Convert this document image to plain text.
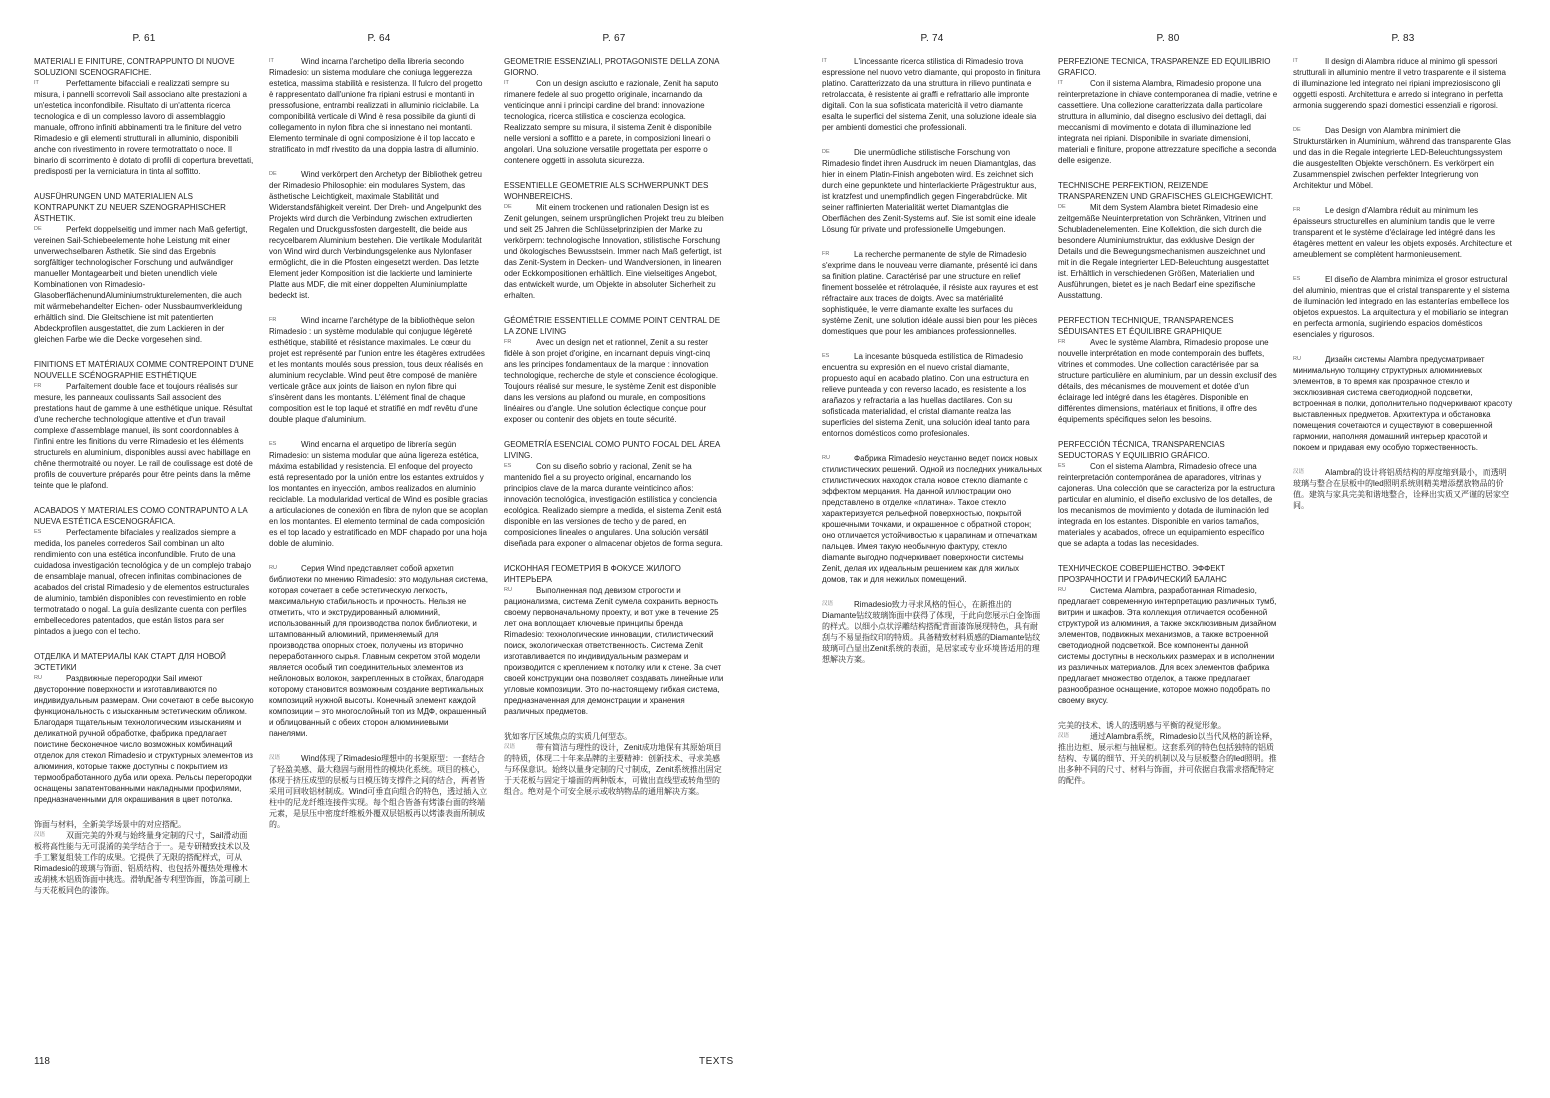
P. 61	P. 64	P. 67	P. 74	P. 80	P. 83
MATERIALI E FINITURE, CONTRAPPUNTO DI NUOVE SOLUZIONI SCENOGRAFICHE.
IT	Perfettamente bifacciali e realizzati sempre su misura, i pannelli scorrevoli Sail associano alte prestazioni a un'estetica inconfondibile. Risultato di un'attenta ricerca tecnologica e di un complesso lavoro di assemblaggio manuale, offrono infiniti abbinamenti tra le finiture del vetro Rimadesio e gli elementi strutturali in alluminio, disponibili anche con rivestimento in rovere termotrattato o noce. Il binario di scorrimento è dotato di profili di copertura brevettati, predisposti per la verniciatura in tinta al soffitto.
AUSFÜHRUNGEN UND MATERIALIEN ALS KONTRAPUNKT ZU NEUER SZENOGRAPHISCHER ÄSTHETIK.
DE	Perfekt doppelseitig und immer nach Maß gefertigt, vereinen Sail-Schiebeelemente hohe Leistung mit einer unverwechselbaren Ästhetik. Sie sind das Ergebnis sorgfältiger technologischer Forschung und aufwändiger manueller Montagearbeit und bieten unendlich viele Kombinationen von Rimadesio-GlasoberflächenundAluminiumstrukturelementen, die auch mit wärmebehandelter Eichen- oder Nussbaumverkleidung erhältlich sind. Die Gleitschiene ist mit patentierten Abdeckprofilen ausgestattet, die zum Lackieren in der gleichen Farbe wie die Decke vorgesehen sind.
FINITIONS ET MATÉRIAUX COMME CONTREPOINT D'UNE NOUVELLE SCÉNOGRAPHIE ESTHÉTIQUE
FR	Parfaitement double face et toujours réalisés sur mesure, les panneaux coulissants Sail associent des prestations haut de gamme à une esthétique unique. Résultat d'une recherche technologique attentive et d'un travail complexe d'assemblage manuel, ils sont coordonnables à l'infini entre les finitions du verre Rimadesio et les éléments structurels en aluminium, disponibles aussi avec habillage en chêne thermotraité ou noyer. Le rail de coulissage est doté de profils de couverture préparés pour être peints dans la même teinte que le plafond.
ACABADOS Y MATERIALES COMO CONTRAPUNTO A LA NUEVA ESTÉTICA ESCENOGRÁFICA.
ES	Perfectamente bifaciales y realizados siempre a medida, los paneles correderos Sail combinan un alto rendimiento con una estética inconfundible. Fruto de una cuidadosa investigación tecnológica y de un complejo trabajo de ensamblaje manual, ofrecen infinitas combinaciones de acabados del cristal Rimadesio y de elementos estructurales de aluminio, también disponibles con revestimiento en roble termotratado o nogal. La guía deslizante cuenta con perfiles embellecedores patentados, que están listos para ser pintados a juego con el techo.
ОТДЕЛКА И МАТЕРИАЛЫ КАК СТАРТ ДЛЯ НОВОЙ ЭСТЕТИКИ
RU	Раздвижные перегородки Sail имеют двусторонние поверхности и изготавливаются по индивидуальным размерам. Они сочетают в себе высокую функциональность с изысканным эстетическим обликом. Благодаря тщательным технологическим изысканиям и деликатной ручной обработке, фабрика предлагает поистине бесконечное число возможных комбинаций отделок для стекол Rimadesio и структурных элементов из алюминия, которые также доступны с покрытием из термообработанного дуба или ореха. Рельсы перегородки оснащены запатентованными накладными профилями, предназначенными для окрашивания в цвет потолка.
饰面与材料，全新美学场景中的对应搭配。
汉语	双面完美的外观与始终量身定制的尺寸，Sail滑动面板将高性能与无可混淆的美学结合于一。是专研精致技术以及手工繁复组装工作的成果。它提供了无限的搭配样式，可从Rimadesio的玻璃与饰面、铝质结构、也包括外覆热处理橡木或胡桃木铝质饰面中挑选。滑轨配备专利型饰面，饰盖可刷上与天花板同色的漆饰。
IT	Wind incarna l'archetipo della libreria secondo Rimadesio: un sistema modulare che coniuga leggerezza estetica, massima stabilità e resistenza. Il fulcro del progetto è rappresentato dall'unione fra ripiani estrusi e montanti in pressofusione, entrambi realizzati in alluminio riciclabile. La componibilità verticale di Wind è resa possibile da giunti di collegamento in nylon fibra che si innestano nei montanti. Elemento terminale di ogni composizione è il top laccato e stratificato in mdf rivestito da una doppia lastra di alluminio.
DE	Wind verkörpert den Archetyp der Bibliothek getreu der Rimadesio Philosophie: ein modulares System, das ästhetische Leichtigkeit, maximale Stabilität und Widerstandsfähigkeit vereint. Der Dreh- und Angelpunkt des Projekts wird durch die Verbindung zwischen extrudierten Regalen und Druckgussfosten dargestellt, die beide aus recycelbarem Aluminium bestehen. Die vertikale Modularität von Wind wird durch Verbindungsgelenke aus Nylonfaser ermöglicht, die in die Pfosten eingesetzt werden. Das letzte Element jeder Komposition ist die lackierte und laminierte Platte aus MDF, die mit einer doppelten Aluminiumplatte bedeckt ist.
FR	Wind incarne l'archétype de la bibliothèque selon Rimadesio : un système modulable qui conjugue légèreté esthétique, stabilité et résistance maximales. Le cœur du projet est représenté par l'union entre les étagères extrudées et les montants moulés sous pression, tous deux réalisés en aluminium recyclable. Wind peut être composé de manière verticale grâce aux joints de liaison en nylon fibre qui s'insèrent dans les montants. L'élément final de chaque composition est le top laqué et stratifié en mdf revêtu d'une double plaque d'aluminium.
ES	Wind encarna el arquetipo de librería según Rimadesio: un sistema modular que aúna ligereza estética, máxima estabilidad y resistencia. El enfoque del proyecto está representado por la unión entre los estantes extruidos y los montantes en inyección, ambos realizados en aluminio reciclable. La modularidad vertical de Wind es posible gracias a articulaciones de conexión en fibra de nylon que se acoplan en los montantes. El elemento terminal de cada composición es el top lacado y estratificado en MDF chapado por una hoja doble de aluminio.
RU	Серия Wind представляет собой архетип библиотеки по мнению Rimadesio: это модульная система, которая сочетает в себе эстетическую легкость, максимальную стабильность и прочность. Нельзя не отметить, что и экструдированный алюминий, использованный для производства полок библиотеки, и штампованный алюминий, применяемый для производства опорных стоек, получены из вторично переработанного сырья. Главным секретом этой модели является особый тип соединительных элементов из нейлоновых волокон, закрепленных в стойках, благодаря которому становится возможным создание вертикальных композиций нужной высоты. Конечный элемент каждой композиции – это многослойный топ из МДФ, окрашенный и облицованный с обеих сторон алюминиевыми панелями.
汉语	Wind体现了Rimadesio理想中的书架原型：一套结合了轻盈美感、最大稳固与耐用性的模块化系统。项目的核心，体现于挤压成型的层板与日模压铸支撑件之间的结合，两者皆采用可回收铝材制成。Wind可垂直向组合的特色，透过插入立柱中的尼龙纤维连接件实现。每个组合皆备有烤漆台面的终端元素，是层压中密度纤维板外覆双层铝板再以烤漆表面所制成的。
GEOMETRIE ESSENZIALI, PROTAGONISTE DELLA ZONA GIORNO.
IT	Con un design asciutto e razionale, Zenit ha saputo rimanere fedele al suo progetto originale, incarnando da venticinque anni i principi cardine del brand: innovazione tecnologica, ricerca stilistica e coscienza ecologica. Realizzato sempre su misura, il sistema Zenit è disponibile nelle versioni a soffitto e a parete, in composizioni lineari o angolari. Una soluzione versatile progettata per esporre o contenere oggetti in assoluta sicurezza.
ESSENTIELLE GEOMETRIE ALS SCHWERPUNKT DES WOHNBEREICHS.
DE	Mit einem trockenen und rationalen Design ist es Zenit gelungen, seinem ursprünglichen Projekt treu zu bleiben und seit 25 Jahren die Schlüsselprinzipien der Marke zu verkörpern: technologische Innovation, stilistische Forschung und ökologisches Bewusstsein. Immer nach Maß gefertigt, ist das Zenit-System in Decken- und Wandversionen, in linearen oder Eckkompositionen erhältlich. Eine vielseitiges Angebot, das entwickelt wurde, um Objekte in absoluter Sicherheit zu erhalten.
GÉOMÉTRIE ESSENTIELLE COMME POINT CENTRAL DE LA ZONE LIVING
FR	Avec un design net et rationnel, Zenit a su rester fidèle à son projet d'origine, en incarnant depuis vingt-cinq ans les principes fondamentaux de la marque : innovation technologique, recherche de style et conscience écologique. Toujours réalisé sur mesure, le système Zenit est disponible dans les versions au plafond ou murale, en compositions linéaires ou d'angle. Une solution éclectique conçue pour exposer ou contenir des objets en toute sécurité.
GEOMETRÍA ESENCIAL COMO PUNTO FOCAL DEL ÁREA LIVING.
ES	Con su diseño sobrio y racional, Zenit se ha mantenido fiel a su proyecto original, encarnando los principios clave de la marca durante veinticinco años: innovación tecnológica, investigación estilística y conciencia ecológica. Realizado siempre a medida, el sistema Zenit está disponible en las versiones de techo y de pared, en composiciones lineales o angulares. Una solución versátil diseñada para exponer o almacenar objetos de forma segura.
ИСКОННАЯ ГЕОМЕТРИЯ В ФОКУСЕ ЖИЛОГО ИНТЕРЬЕРА
RU	Выполненная под девизом строгости и рационализма, система Zenit сумела сохранить верность своему первоначальному проекту, и вот уже в течение 25 лет она воплощает ключевые принципы бренда Rimadesio: технологические инновации, стилистический поиск, экологическая ответственность. Система Zenit изготавливается по индивидуальным размерам и производится с креплением к потолку или к стене. За счет своей конструкции она позволяет создавать линейные или угловые композиции. Это по-настоящему гибкая система, предназначенная для демонстрации и хранения различных предметов.
犹如客厅区域焦点的实质几何型态。
汉语	带有简洁与理性的设计，Zenit成功地保有其原始项目的特质，体现二十年来品牌的主要精神：创新技术、寻求美感与环保意识。始终以量身定制的尺寸制成，Zenit系统推出固定于天花板与固定于墙面的两种版本，可做出直线型或转角型的组合。绝对是个可安全展示或收纳物品的通用解决方案。
IT	L'incessante ricerca stilistica di Rimadesio trova espressione nel nuovo vetro diamante, qui proposto in finitura platino. Caratterizzato da una struttura in rilievo puntinata e retrolaccata, è resistente ai graffi e refrattario alle impronte digitali. Con la sua sofisticata matericità il vetro diamante esalta le superfici del sistema Zenit, una soluzione ideale sia per ambienti domestici che professionali.
DE	Die unermüdliche stilistische Forschung von Rimadesio findet ihren Ausdruck im neuen Diamantglas, das hier in einem Platin-Finish angeboten wird. Es zeichnet sich durch eine gepunktete und hinterlackierte Prägestruktur aus, ist kratzfest und unempfindlich gegen Fingerabdrücke. Mit seiner raffinierten Materialität wertet Diamantglas die Oberflächen des Zenit-Systems auf. Sie ist somit eine ideale Lösung für private und professionelle Umgebungen.
FR	La recherche permanente de style de Rimadesio s'exprime dans le nouveau verre diamante, présenté ici dans sa finition platine. Caractérisé par une structure en relief finement bosselée et rétrolaquée, il résiste aux rayures et est réfractaire aux traces de doigts. Avec sa matérialité sophistiquée, le verre diamante exalte les surfaces du système Zenit, une solution idéale aussi bien pour les pièces domestiques que pour les ambiances professionnelles.
ES	La incesante búsqueda estilística de Rimadesio encuentra su expresión en el nuevo cristal diamante, propuesto aquí en acabado platino. Con una estructura en relieve punteada y con reverso lacado, es resistente a los arañazos y refractaria a las huellas dactilares. Con su sofisticada materialidad, el cristal diamante realza las superficies del sistema Zenit, una solución ideal tanto para entornos domésticos como profesionales.
RU	Фабрика Rimadesio неустанно ведет поиск новых стилистических решений. Одной из последних уникальных стилистических находок стала новое стекло diamante с эффектом мерцания. На данной иллюстрации оно представлено в отделке «платина». Такое стекло характеризуется рельефной поверхностью, покрытой крошечными точками, и окрашенное с обратной сторон; оно отличается устойчивостью к царапинам и отпечаткам пальцев. Имея такую необычную фактуру, стекло diamante выгодно подчеркивает поверхности системы Zenit, делая их идеальным решением как для жилых домов, так и для нежилых помещений.
汉语	Rimadesio致力寻求风格的恒心，在新推出的Diamante钻纹玻璃饰面中获得了体现，于此向您展示白金饰面的样式。以细小点状浮雕结构搭配背面漆饰展现特色，具有耐刮与不易显指纹印的特质。具备精致材料质感的Diamante钻纹玻璃可凸显出Zenit系统的表面，是居家或专业环境皆适用的理想解决方案。
PERFEZIONE TECNICA, TRASPARENZE ED EQUILIBRIO GRAFICO.
IT	Con il sistema Alambra, Rimadesio propone una reinterpretazione in chiave contemporanea di madie, vetrine e cassettiere. Una collezione caratterizzata dalla particolare struttura in alluminio, dal disegno esclusivo dei dettagli, dai meccanismi di movimento e dotata di illuminazione led integrata nei ripiani. Disponibile in svariate dimensioni, materiali e finiture, propone attrezzature specifiche a seconda delle esigenze.
TECHNISCHE PERFEKTION, REIZENDE TRANSPARENZEN UND GRAFISCHES GLEICHGEWICHT.
DE	Mit dem System Alambra bietet Rimadesio eine zeitgemäße Neuinterpretation von Schränken, Vitrinen und Schubladenelementen. Eine Kollektion, die sich durch die besondere Aluminiumstruktur, das exklusive Design der Details und die Bewegungsmechanismen auszeichnet und mit in die Regale integrierter LED-Beleuchtung ausgestattet ist. Erhältlich in verschiedenen Größen, Materialien und Ausführungen, bietet es je nach Bedarf eine spezifische Ausstattung.
PERFECTION TECHNIQUE, TRANSPARENCES SÉDUISANTES ET ÉQUILIBRE GRAPHIQUE
FR	Avec le système Alambra, Rimadesio propose une nouvelle interprétation en mode contemporain des buffets, vitrines et commodes. Une collection caractérisée par sa structure particulière en aluminium, par un dessin exclusif des détails, des mécanismes de mouvement et dotée d'un éclairage led intégré dans les étagères. Disponible en différentes dimensions, matériaux et finitions, il offre des équipements spécifiques selon les besoins.
PERFECCIÓN TÉCNICA, TRANSPARENCIAS SEDUCTORAS Y EQUILIBRIO GRÁFICO.
ES	Con el sistema Alambra, Rimadesio ofrece una reinterpretación contemporánea de aparadores, vitrinas y cajoneras. Una colección que se caracteriza por la estructura particular en aluminio, el diseño exclusivo de los detalles, de los mecanismos de movimiento y dotada de iluminación led integrada en los estantes. Disponible en varios tamaños, materiales y acabados, ofrece un equipamiento específico que se adapta a todas las necesidades.
ТЕХНИЧЕСКОЕ СОВЕРШЕНСТВО. ЭФФЕКТ ПРОЗРАЧНОСТИ И ГРАФИЧЕСКИЙ БАЛАНС
RU	Система Alambra, разработанная Rimadesio, предлагает современную интерпретацию различных тумб, витрин и шкафов. Эта коллекция отличается особенной структурой из алюминия, а также эксклюзивным дизайном элементов, подвижных механизмов, а также встроенной светодиодной подсветкой. Все компоненты данной системы доступны в нескольких размерах и в исполнении из различных материалов. Для всех элементов фабрика предлагает множество отделок, а также предлагает разнообразное оснащение, которое можно подобрать по своему вкусу.
完美的技术、诱人的透明感与平衡的视觉形象。
汉语	通过Alambra系统，Rimadesio以当代风格的新诠释，推出边柜、展示柜与抽屉柜。这套系列的特色包括独特的铝质结构、专属的细节、开关的机制以及与层板整合的led照明。推出多种不同的尺寸、材料与饰面，并可依据自我需求搭配特定的配件。
IT	Il design di Alambra riduce al minimo gli spessori strutturali in alluminio mentre il vetro trasparente e il sistema di illuminazione led integrato nei ripiani impreziosiscono gli oggetti esposti. Architettura e arredo si integrano in perfetta armonia suggerendo spazi domestici essenziali e rigorosi.
DE	Das Design von Alambra minimiert die Strukturstärken in Aluminium, während das transparente Glas und das in die Regale integrierte LED-Beleuchtungssystem die ausgestellten Objekte verschönern. Es verkörpert ein Zusammenspiel zwischen perfekter Integrierung von Architektur und Möbel.
FR	Le design d'Alambra réduit au minimum les épaisseurs structurelles en aluminium tandis que le verre transparent et le système d'éclairage led intégré dans les étagères mettent en valeur les objets exposés. Architecture et ameublement se complètent harmonieusement.
ES	El diseño de Alambra minimiza el grosor estructural del aluminio, mientras que el cristal transparente y el sistema de iluminación led integrado en las estanterías embellece los objetos expuestos. La arquitectura y el mobiliario se integran en perfecta armonía, sugiriendo espacios domésticos esenciales y rigurosos.
RU	Дизайн системы Alambra предусматривает минимальную толщину структурных алюминиевых элементов, в то время как прозрачное стекло и эксклюзивная система светодиодной подсветки, встроенная в полки, дополнительно подчеркивают красоту выставленных предметов. Архитектура и обстановка помещения сочетаются и существуют в совершенной гармонии, наполняя домашний интерьер красотой и покоем и придавая ему особую торжественность.
汉语	Alambra的设计将铝质结构的厚度缩到最小，而透明玻璃与整合在层板中的led照明系统则精美增添摆放物品的价值。建筑与家具完美和谐地整合，诠释出实质又严谨的居家空间。
118	TEXTS
